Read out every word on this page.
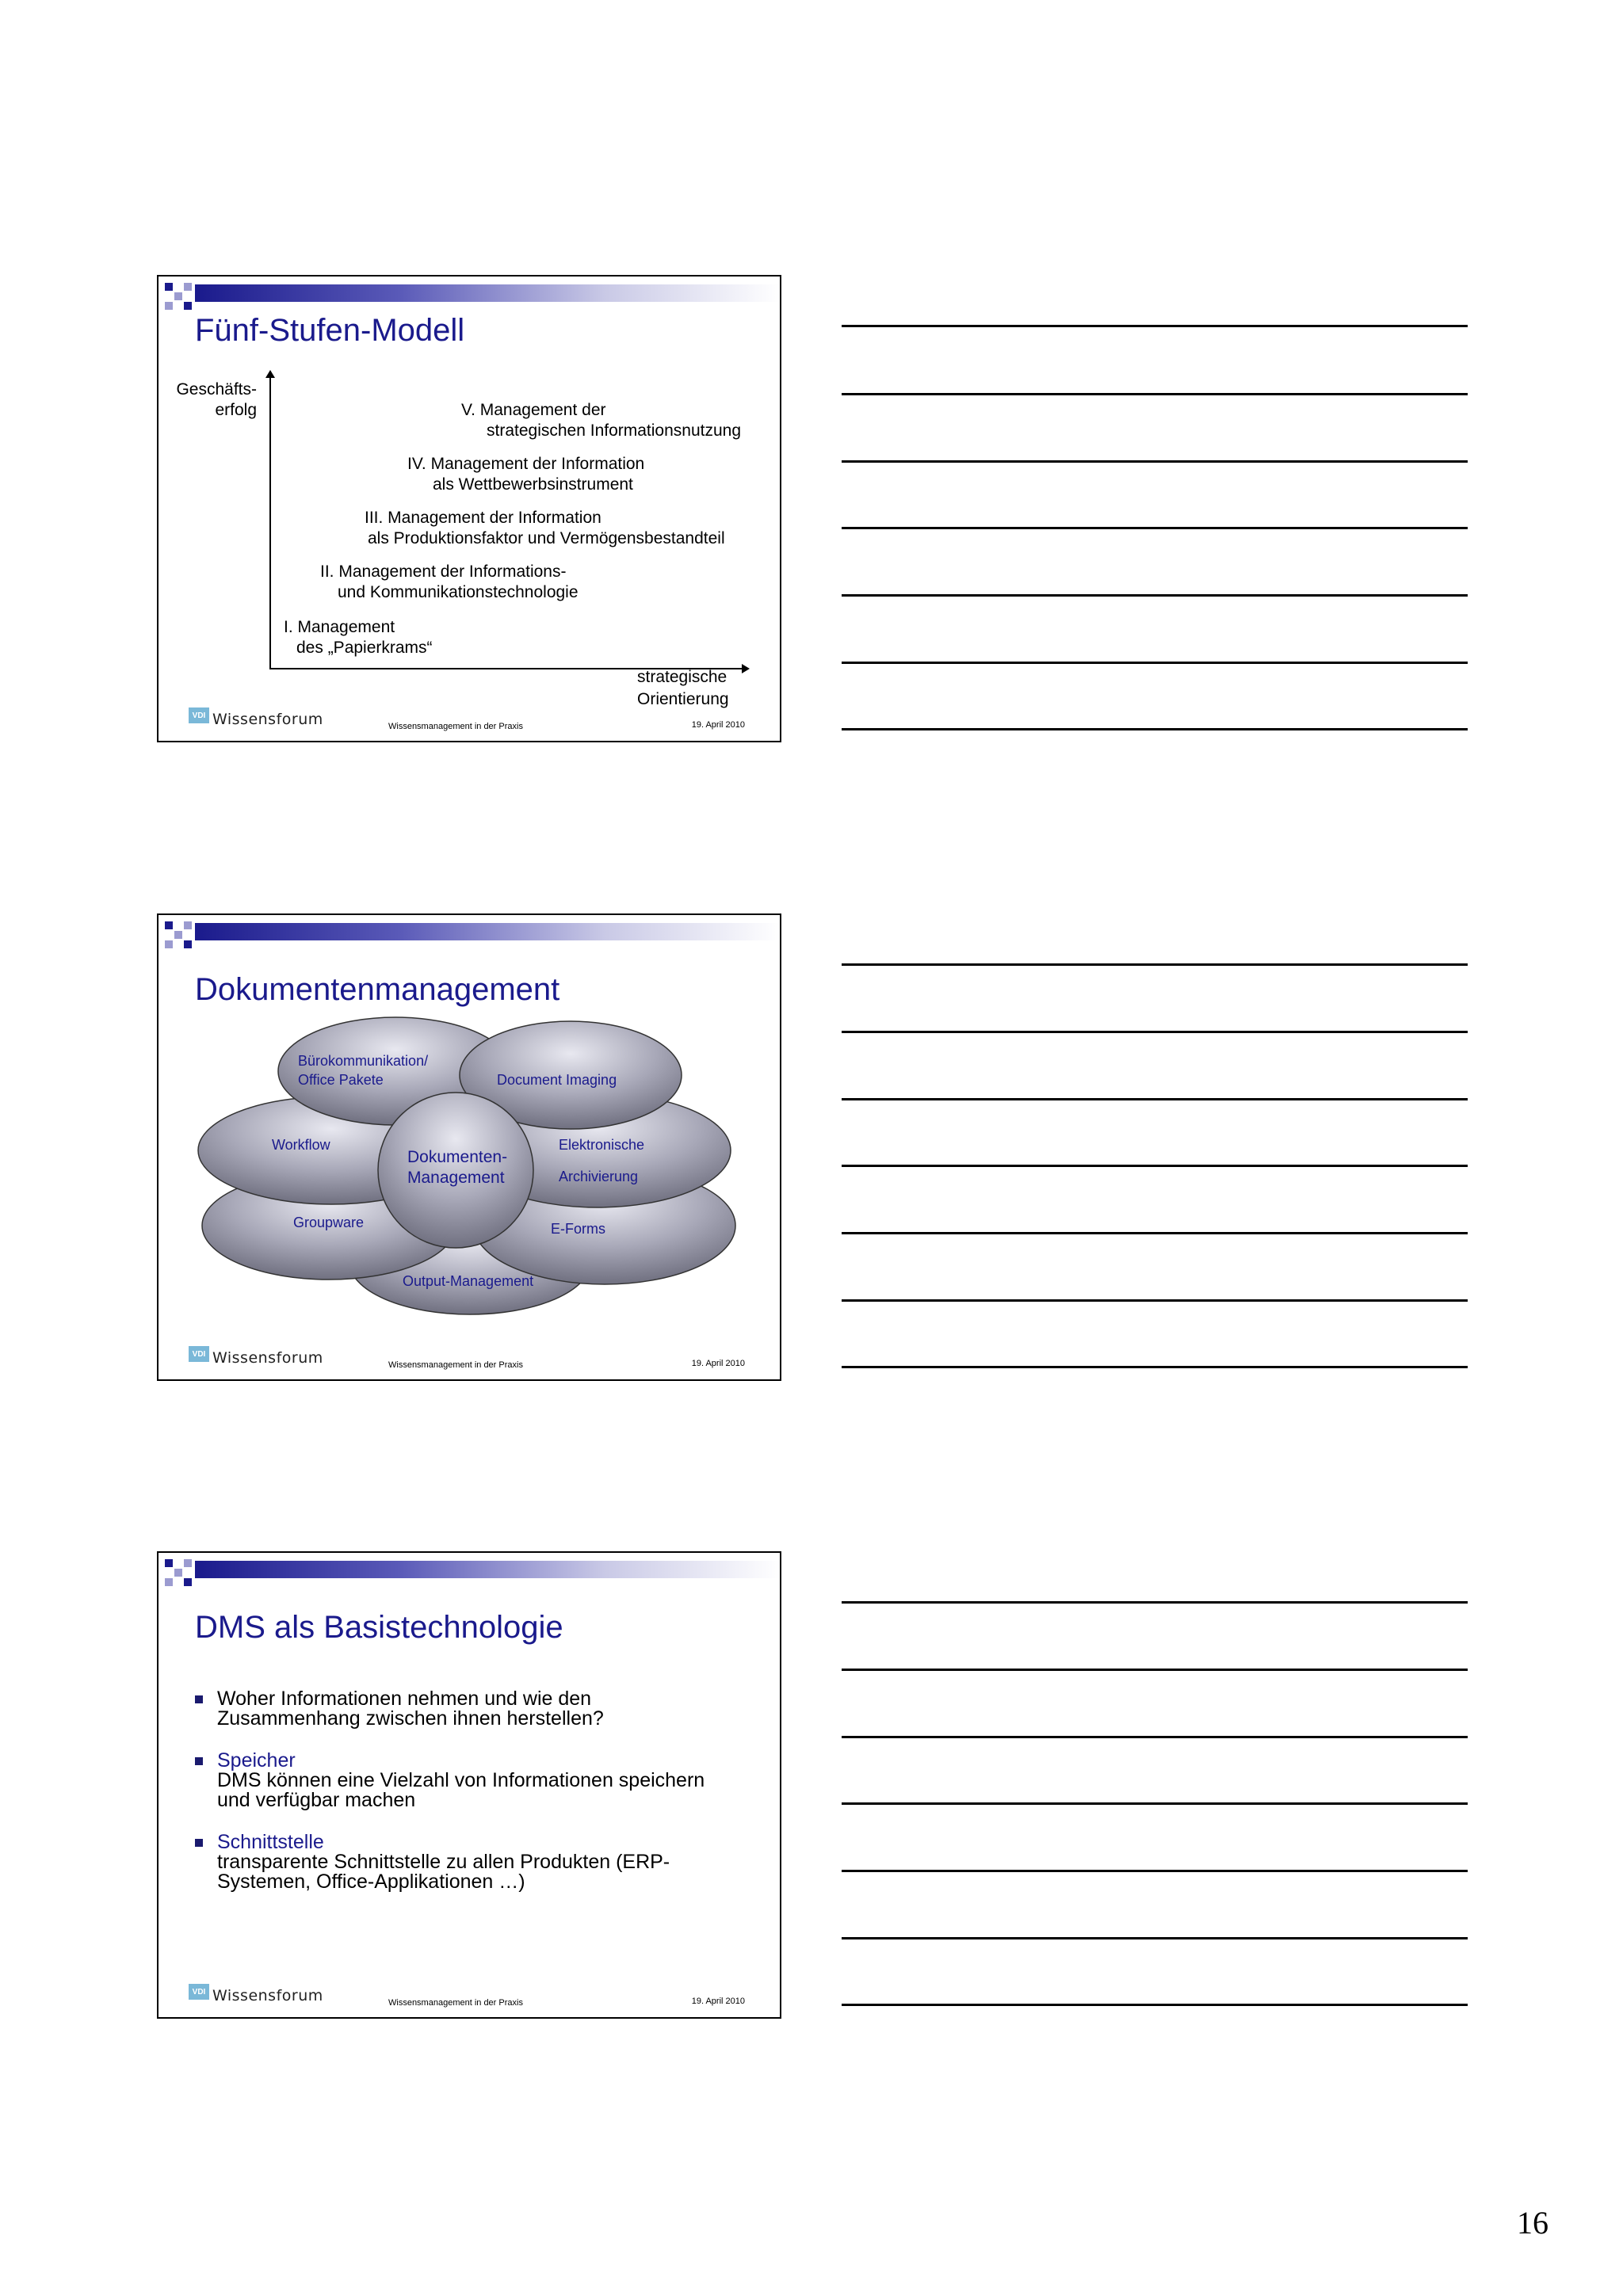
Fünf-Stufen-Modell
Geschäfts-
erfolg
strategische
Orientierung
V. Management der
strategischen Informationsnutzung
IV. Management der Information
als Wettbewerbsinstrument
III. Management der Information
als Produktionsfaktor und Vermögensbestandteil
II. Management der Informations-
und Kommunikationstechnologie
I. Management
des „Papierkrams“
VDI Wissensforum	Wissensmanagement in der Praxis	19. April 2010
Dokumentenmanagement
Bürokommunikation/
Office Pakete	Document Imaging
Workflow	Elektronische
Archivierung
Groupware	E-Forms
Output-Management
Dokumenten-
Management
VDI Wissensforum	Wissensmanagement in der Praxis	19. April 2010
DMS als Basistechnologie
Woher Informationen nehmen und wie den
Zusammenhang zwischen ihnen herstellen?
Speicher
DMS können eine Vielzahl von Informationen speichern
und verfügbar machen
Schnittstelle
transparente Schnittstelle zu allen Produkten (ERP-
Systemen, Office-Applikationen …)
VDI Wissensforum	Wissensmanagement in der Praxis	19. April 2010
16
